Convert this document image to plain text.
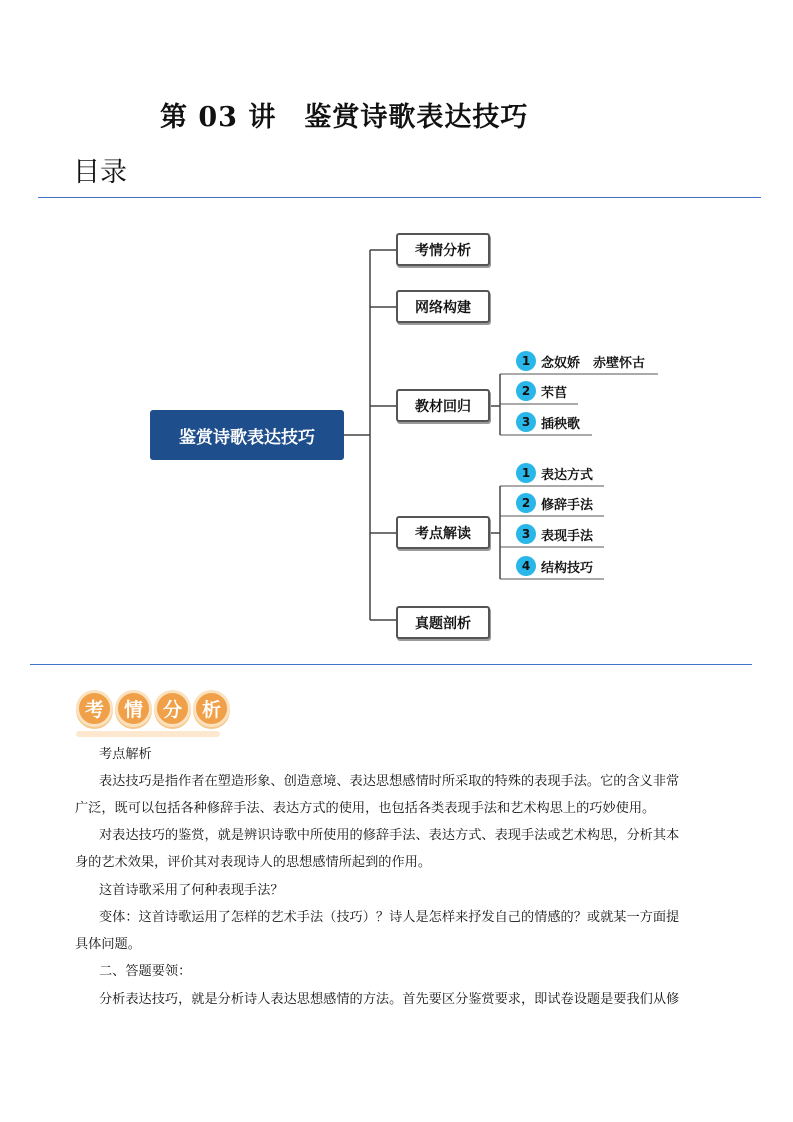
第 03 讲　鉴赏诗歌表达技巧
目录
鉴赏诗歌表达技巧
考情分析
网络构建
教材回归
考点解读
真题剖析
1 念奴娇　赤壁怀古
2 芣苢
3 插秧歌
1 表达方式
2 修辞手法
3 表现手法
4 结构技巧
考	情	分	析
考点解析
表达技巧是指作者在塑造形象、创造意境、表达思想感情时所采取的特殊的表现手法。它的含义非常
广泛，既可以包括各种修辞手法、表达方式的使用，也包括各类表现手法和艺术构思上的巧妙使用。
对表达技巧的鉴赏，就是辨识诗歌中所使用的修辞手法、表达方式、表现手法或艺术构思，分析其本
身的艺术效果，评价其对表现诗人的思想感情所起到的作用。
这首诗歌采用了何种表现手法？
变体：这首诗歌运用了怎样的艺术手法（技巧）？诗人是怎样来抒发自己的情感的？或就某一方面提
具体问题。
二、答题要领：
分析表达技巧，就是分析诗人表达思想感情的方法。首先要区分鉴赏要求，即试卷设题是要我们从修
